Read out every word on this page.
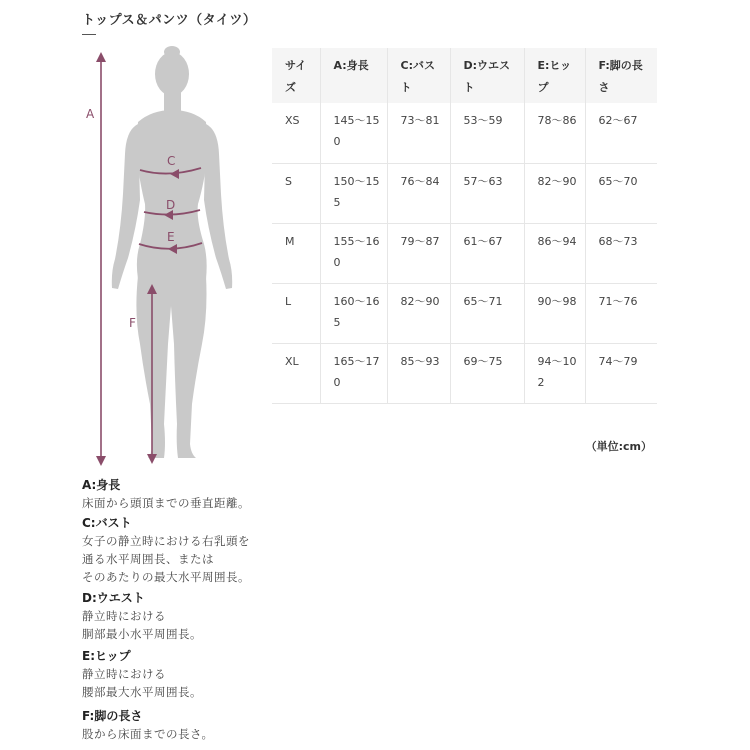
トップス＆パンツ（タイツ）
A
C
D
E
F
サイズ	A:身長	C:バスト	D:ウエスト	E:ヒップ	F:脚の長さ
XS	145〜150	73〜81	53〜59	78〜86	62〜67
S	150〜155	76〜84	57〜63	82〜90	65〜70
M	155〜160	79〜87	61〜67	86〜94	68〜73
L	160〜165	82〜90	65〜71	90〜98	71〜76
XL	165〜170	85〜93	69〜75	94〜102	74〜79
（単位:cm）
A:身長
床面から頭頂までの垂直距離。
C:バスト
女子の静立時における右乳頭を
通る水平周囲長、または
そのあたりの最大水平周囲長。
D:ウエスト
静立時における
胴部最小水平周囲長。
E:ヒップ
静立時における
腰部最大水平周囲長。
F:脚の長さ
股から床面までの長さ。
